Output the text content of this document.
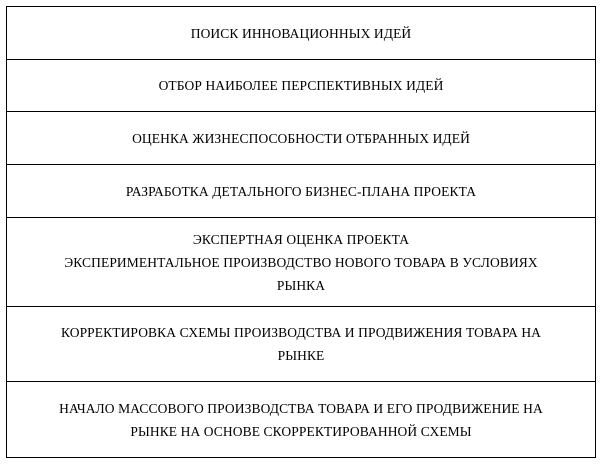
ПОИСК ИННОВАЦИОННЫХ ИДЕЙ

ОТБОР НАИБОЛЕЕ ПЕРСПЕКТИВНЫХ ИДЕЙ

ОЦЕНКА ЖИЗНЕСПОСОБНОСТИ ОТБРАННЫХ ИДЕЙ

РАЗРАБОТКА ДЕТАЛЬНОГО БИЗНЕС-ПЛАНА ПРОЕКТА

ЭКСПЕРТНАЯ ОЦЕНКА ПРОЕКТА
ЭКСПЕРИМЕНТАЛЬНОЕ ПРОИЗВОДСТВО НОВОГО ТОВАРА В УСЛОВИЯХ
РЫНКА

КОРРЕКТИРОВКА СХЕМЫ ПРОИЗВОДСТВА И ПРОДВИЖЕНИЯ ТОВАРА НА
РЫНКЕ

НАЧАЛО МАССОВОГО ПРОИЗВОДСТВА ТОВАРА И ЕГО ПРОДВИЖЕНИЕ НА
РЫНКЕ НА ОСНОВЕ СКОРРЕКТИРОВАННОЙ СХЕМЫ
